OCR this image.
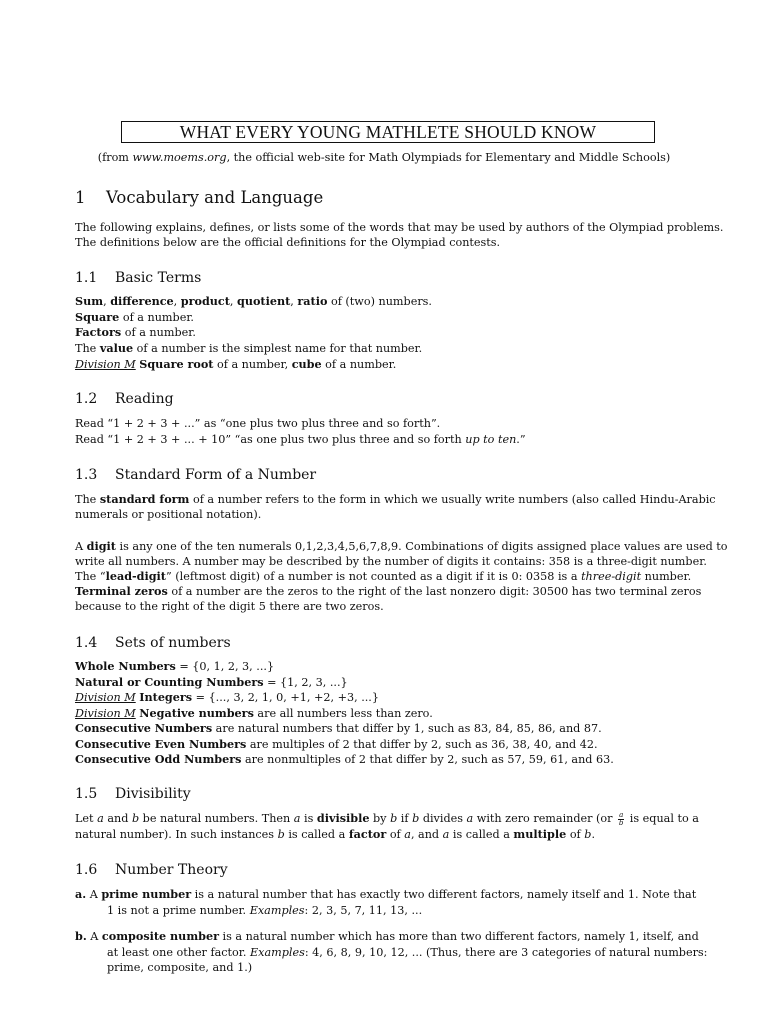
WHAT EVERY YOUNG MATHLETE SHOULD KNOW
(from www.moems.org, the official web-site for Math Olympiads for Elementary and Middle Schools)
1 Vocabulary and Language
The following explains, defines, or lists some of the words that may be used by authors of the Olympiad problems.
The definitions below are the official definitions for the Olympiad contests.
1.1 Basic Terms
Sum, difference, product, quotient, ratio of (two) numbers.
Square of a number.
Factors of a number.
The value of a number is the simplest name for that number.
Division M Square root of a number, cube of a number.
1.2 Reading
Read “1 + 2 + 3 + ...” as “one plus two plus three and so forth”.
Read “1 + 2 + 3 + ... + 10” “as one plus two plus three and so forth up to ten.”
1.3 Standard Form of a Number
The standard form of a number refers to the form in which we usually write numbers (also called Hindu-Arabic
numerals or positional notation).
A digit is any one of the ten numerals 0,1,2,3,4,5,6,7,8,9. Combinations of digits assigned place values are used to
write all numbers. A number may be described by the number of digits it contains: 358 is a three-digit number.
The “lead-digit” (leftmost digit) of a number is not counted as a digit if it is 0: 0358 is a three-digit number.
Terminal zeros of a number are the zeros to the right of the last nonzero digit: 30500 has two terminal zeros
because to the right of the digit 5 there are two zeros.
1.4 Sets of numbers
Whole Numbers = {0, 1, 2, 3, ...}
Natural or Counting Numbers = {1, 2, 3, ...}
Division M Integers = {..., 3, 2, 1, 0, +1, +2, +3, ...}
Division M Negative numbers are all numbers less than zero.
Consecutive Numbers are natural numbers that differ by 1, such as 83, 84, 85, 86, and 87.
Consecutive Even Numbers are multiples of 2 that differ by 2, such as 36, 38, 40, and 42.
Consecutive Odd Numbers are nonmultiples of 2 that differ by 2, such as 57, 59, 61, and 63.
1.5 Divisibility
Let a and b be natural numbers. Then a is divisible by b if b divides a with zero remainder ($or \frac{a}{b}$ is equal to a
natural number). In such instances b is called a factor of a, and a is called a multiple of b.
1.6 Number Theory
a. A prime number is a natural number that has exactly two different factors, namely itself and 1. Note that
1 is not a prime number. Examples: 2, 3, 5, 7, 11, 13, ...
b. A composite number is a natural number which has more than two different factors, namely 1, itself, and
at least one other factor. Examples: 4, 6, 8, 9, 10, 12, ... (Thus, there are 3 categories of natural numbers:
prime, composite, and 1.)
